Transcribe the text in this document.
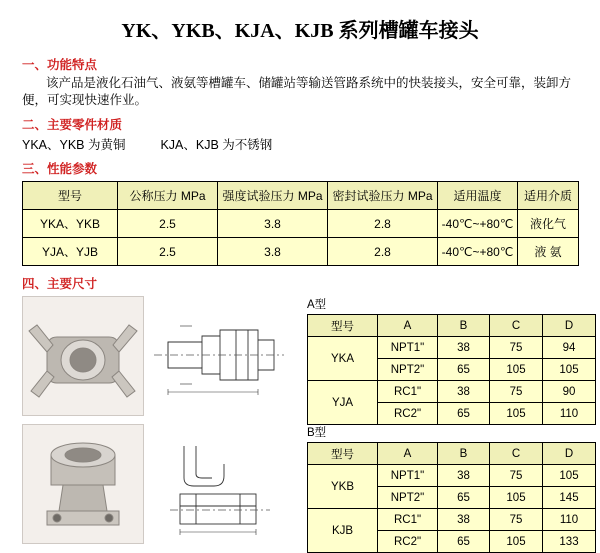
YK、YKB、KJA、KJB 系列槽罐车接头
一、功能特点
该产品是液化石油气、液氨等槽罐车、储罐站等输送管路系统中的快装接头，安全可靠，装卸方便，可实现快速作业。
二、主要零件材质
YKA、YKB 为黄铜	KJA、KJB 为不锈钢
三、性能参数
型号	公称压力 MPa	强度试验压力 MPa	密封试验压力 MPa	适用温度	适用介质
YKA、YKB	2.5	3.8	2.8	-40℃~+80℃	液化气
YJA、YJB	2.5	3.8	2.8	-40℃~+80℃	液 氨
四、主要尺寸
A型
型号	A	B	C	D
YKA	NPT1"	38	75	94
	NPT2"	65	105	105
YJA	RC1"	38	75	90
	RC2"	65	105	110
B型
型号	A	B	C	D
YKB	NPT1"	38	75	105
	NPT2"	65	105	145
KJB	RC1"	38	75	110
	RC2"	65	105	133
